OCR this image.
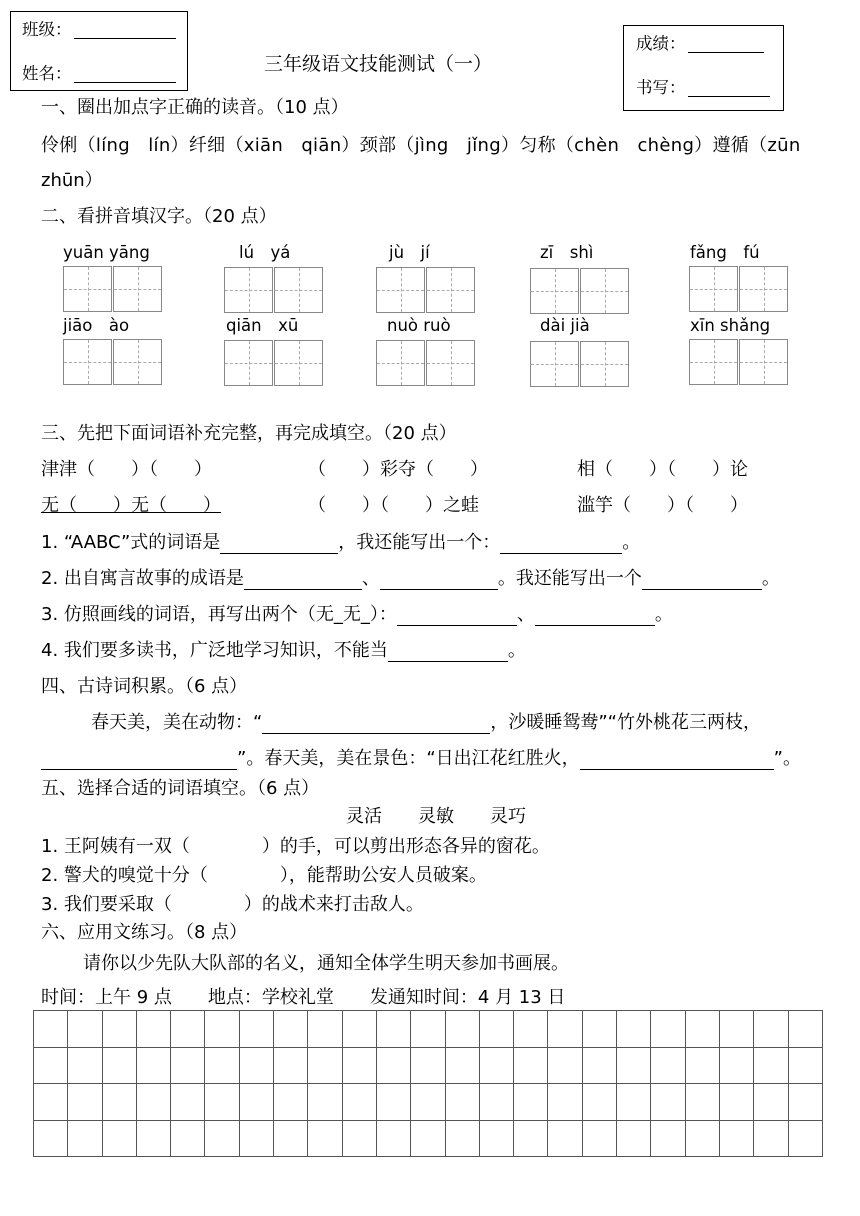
班级：
姓名：	三年级语文技能测试（一）
成绩：
书写：
一、圈出加点字正确的读音。（10 点）
伶俐（líng　lín）纤细（xiān　qiān）颈部（jìng　jǐng）匀称（chèn　chèng）遵循（zūn
zhūn）
二、看拼音填汉字。（20 点）
yuān yāng	lú　yá	jù　jí	zī　shì	fǎng　fú
jiāo　ào	qiān　xū	nuò ruò	dài jià	xīn shǎng
三、先把下面词语补充完整，再完成填空。（20 点）
津津（　　）（　　）	（　　）彩夺（　　）	相（　　）（　　）论
无（　　）无（　　）	（　　）（　　）之蛙	滥竽（　　）（　　）
1. “AABC”式的词语是	，我还能写出一个：	。
2. 出自寓言故事的成语是	、	。我还能写出一个	。
3. 仿照画线的词语，再写出两个（无_无_）：	、	。
4. 我们要多读书，广泛地学习知识，不能当	。
四、古诗词积累。（6 点）
春天美，美在动物：“	，沙暖睡鸳鸯”“竹外桃花三两枝，
”。春天美，美在景色：“日出江花红胜火，	”。
五、选择合适的词语填空。（6 点）
灵活　　灵敏　　灵巧
1. 王阿姨有一双（　　　　）的手，可以剪出形态各异的窗花。
2. 警犬的嗅觉十分（　　　　），能帮助公安人员破案。
3. 我们要采取（　　　　）的战术来打击敌人。
六、应用文练习。（8 点）
请你以少先队大队部的名义，通知全体学生明天参加书画展。
时间：上午 9 点　　地点：学校礼堂　　发通知时间：4 月 13 日
